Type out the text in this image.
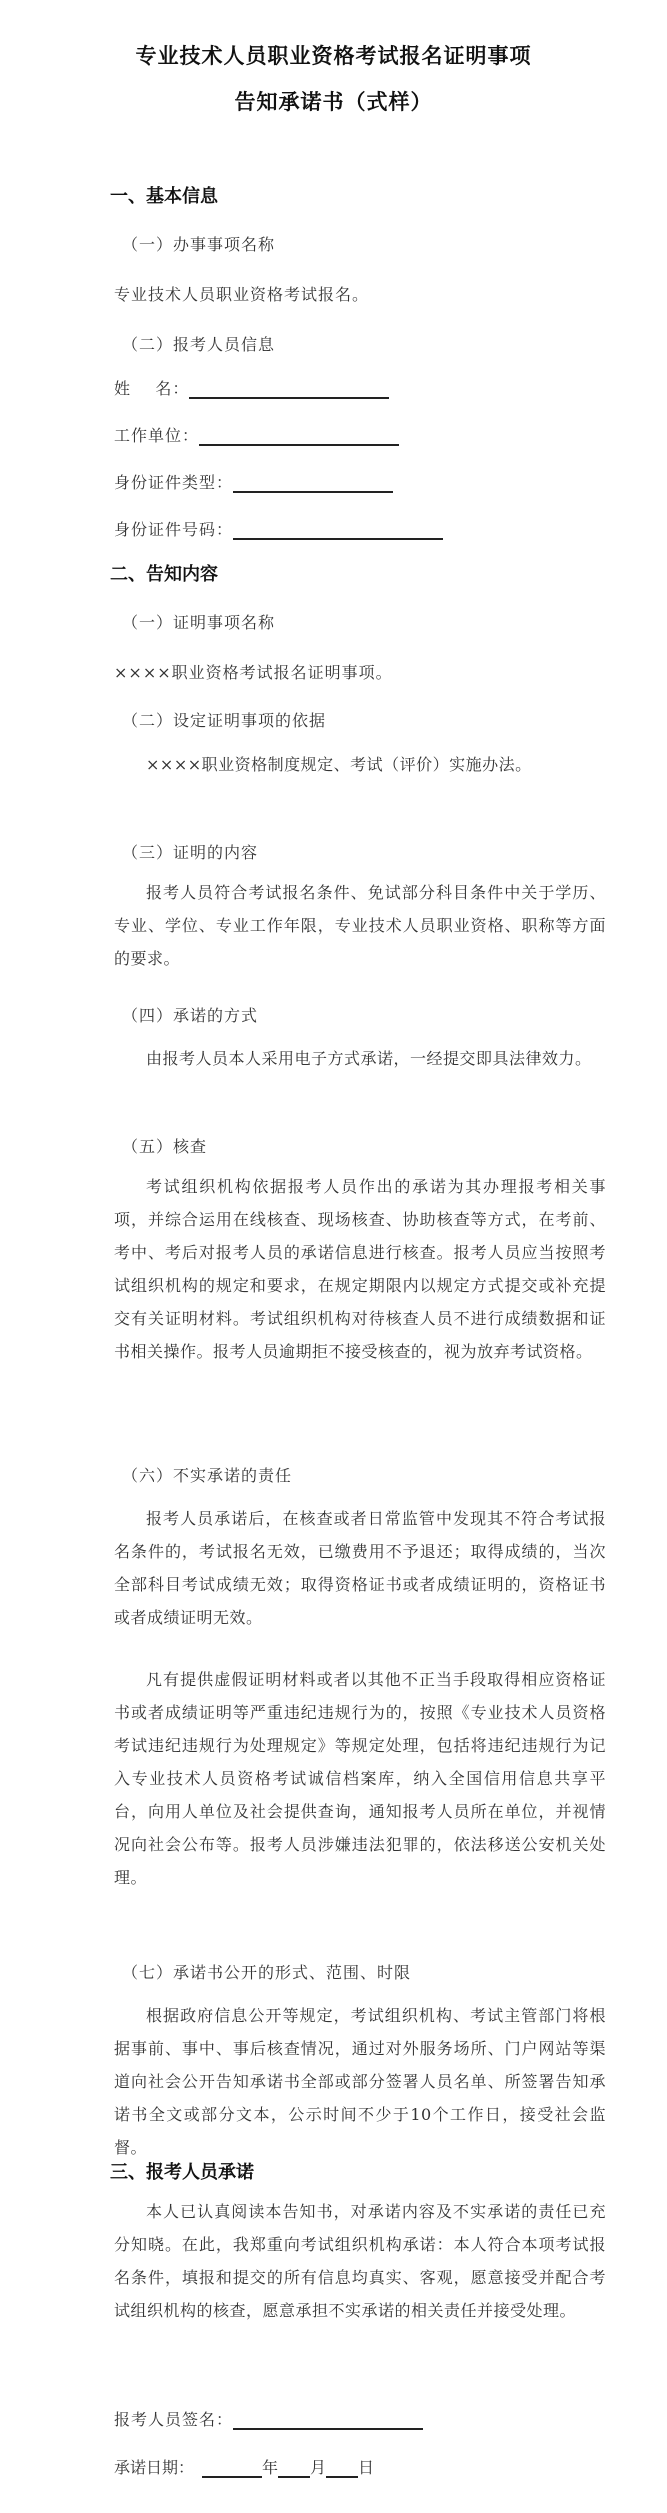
专业技术人员职业资格考试报名证明事项
告知承诺书（式样）
一、基本信息
（一）办事事项名称
专业技术人员职业资格考试报名。
（二）报考人员信息
姓    名：
工作单位：
身份证件类型：
身份证件号码：
二、告知内容
（一）证明事项名称
××××职业资格考试报名证明事项。
（二）设定证明事项的依据
××××职业资格制度规定、考试（评价）实施办法。
（三）证明的内容
报考人员符合考试报名条件、免试部分科目条件中关于学历、专业、学位、专业工作年限，专业技术人员职业资格、职称等方面的要求。
（四）承诺的方式
由报考人员本人采用电子方式承诺，一经提交即具法律效力。
（五）核查
考试组织机构依据报考人员作出的承诺为其办理报考相关事项，并综合运用在线核查、现场核查、协助核查等方式，在考前、考中、考后对报考人员的承诺信息进行核查。报考人员应当按照考试组织机构的规定和要求，在规定期限内以规定方式提交或补充提交有关证明材料。考试组织机构对待核查人员不进行成绩数据和证书相关操作。报考人员逾期拒不接受核查的，视为放弃考试资格。
（六）不实承诺的责任
报考人员承诺后，在核查或者日常监管中发现其不符合考试报名条件的，考试报名无效，已缴费用不予退还；取得成绩的，当次全部科目考试成绩无效；取得资格证书或者成绩证明的，资格证书或者成绩证明无效。
凡有提供虚假证明材料或者以其他不正当手段取得相应资格证书或者成绩证明等严重违纪违规行为的，按照《专业技术人员资格考试违纪违规行为处理规定》等规定处理，包括将违纪违规行为记入专业技术人员资格考试诚信档案库，纳入全国信用信息共享平台，向用人单位及社会提供查询，通知报考人员所在单位，并视情况向社会公布等。报考人员涉嫌违法犯罪的，依法移送公安机关处理。
（七）承诺书公开的形式、范围、时限
根据政府信息公开等规定，考试组织机构、考试主管部门将根据事前、事中、事后核查情况，通过对外服务场所、门户网站等渠道向社会公开告知承诺书全部或部分签署人员名单、所签署告知承诺书全文或部分文本，公示时间不少于10个工作日，接受社会监督。
三、报考人员承诺
本人已认真阅读本告知书，对承诺内容及不实承诺的责任已充分知晓。在此，我郑重向考试组织机构承诺：本人符合本项考试报名条件，填报和提交的所有信息均真实、客观，愿意接受并配合考试组织机构的核查，愿意承担不实承诺的相关责任并接受处理。
报考人员签名：
承诺日期：	年 月 日
